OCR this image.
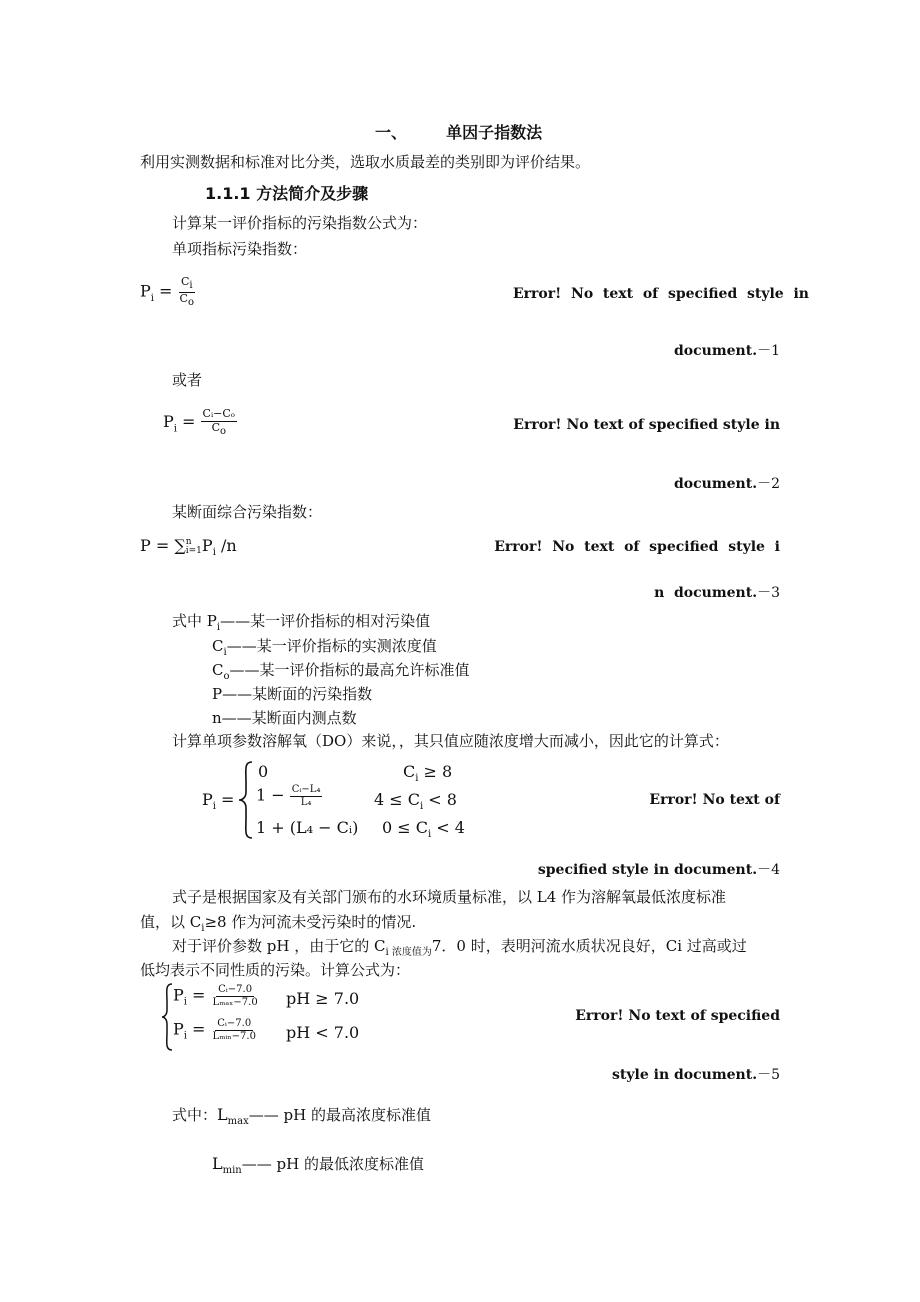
一、 单因子指数法
利用实测数据和标准对比分类，选取水质最差的类别即为评价结果。
1.1.1 方法简介及步骤
计算某一评价指标的污染指数公式为：
单项指标污染指数：
$P_i = \frac{C_i}{C_o}$	Error!  No  text  of  specified  style  in
document.－1
或者
$P_i = \frac{\text{Cᵢ−Cₒ}}{C_o}$	Error! No text of specified style in
document.－2
某断面综合污染指数：
P = ∑ n
i=1 $P_i$ /n	Error!  No  text  of  specified  style  i
n  document.－3
式中 $P_i——$某一评价指标的相对污染值
$C_i——$某一评价指标的实测浓度值
$C_o——$某一评价指标的最高允许标准值
P——某断面的污染指数
n——某断面内测点数
计算单项参数溶解氧（DO）来说，，其只值应随浓度增大而减小，因此它的计算式：
$P_i$ =
0	$C_i \ge 8$
$1 - \frac{\text{Cᵢ−L₄}}{\text{L₄}}$	$4 \le C_i < 8$
1 + (L₄ − Cᵢ) $0 \le C_i < 4$
Error! No text of
specified style in document.－4
式子是根据国家及有关部门颁布的水环境质量标准，以 L4 作为溶解氧最低浓度标准
值，以 $C_i\ge 8$ 作为河流未受污染时的情况.
对于评价参数 pH ，由于它的 $C_{i 浓度值为}7$．0 时，表明河流水质状况良好，Ci 过高或过
低均表示不同性质的污染。计算公式为：
$P_i = \frac{\text{Cᵢ−7.0}}{\text{Lₘₐₓ−7.0}}$ pH ≥ 7.0
$P_i = \frac{\text{Cᵢ−7.0}}{\text{Lₘᵢₙ−7.0}}$ pH < 7.0
Error! No text of specified
style in document.－5
式中：$L_{max}——$ pH 的最高浓度标准值
$L_{min}——$ pH 的最低浓度标准值
